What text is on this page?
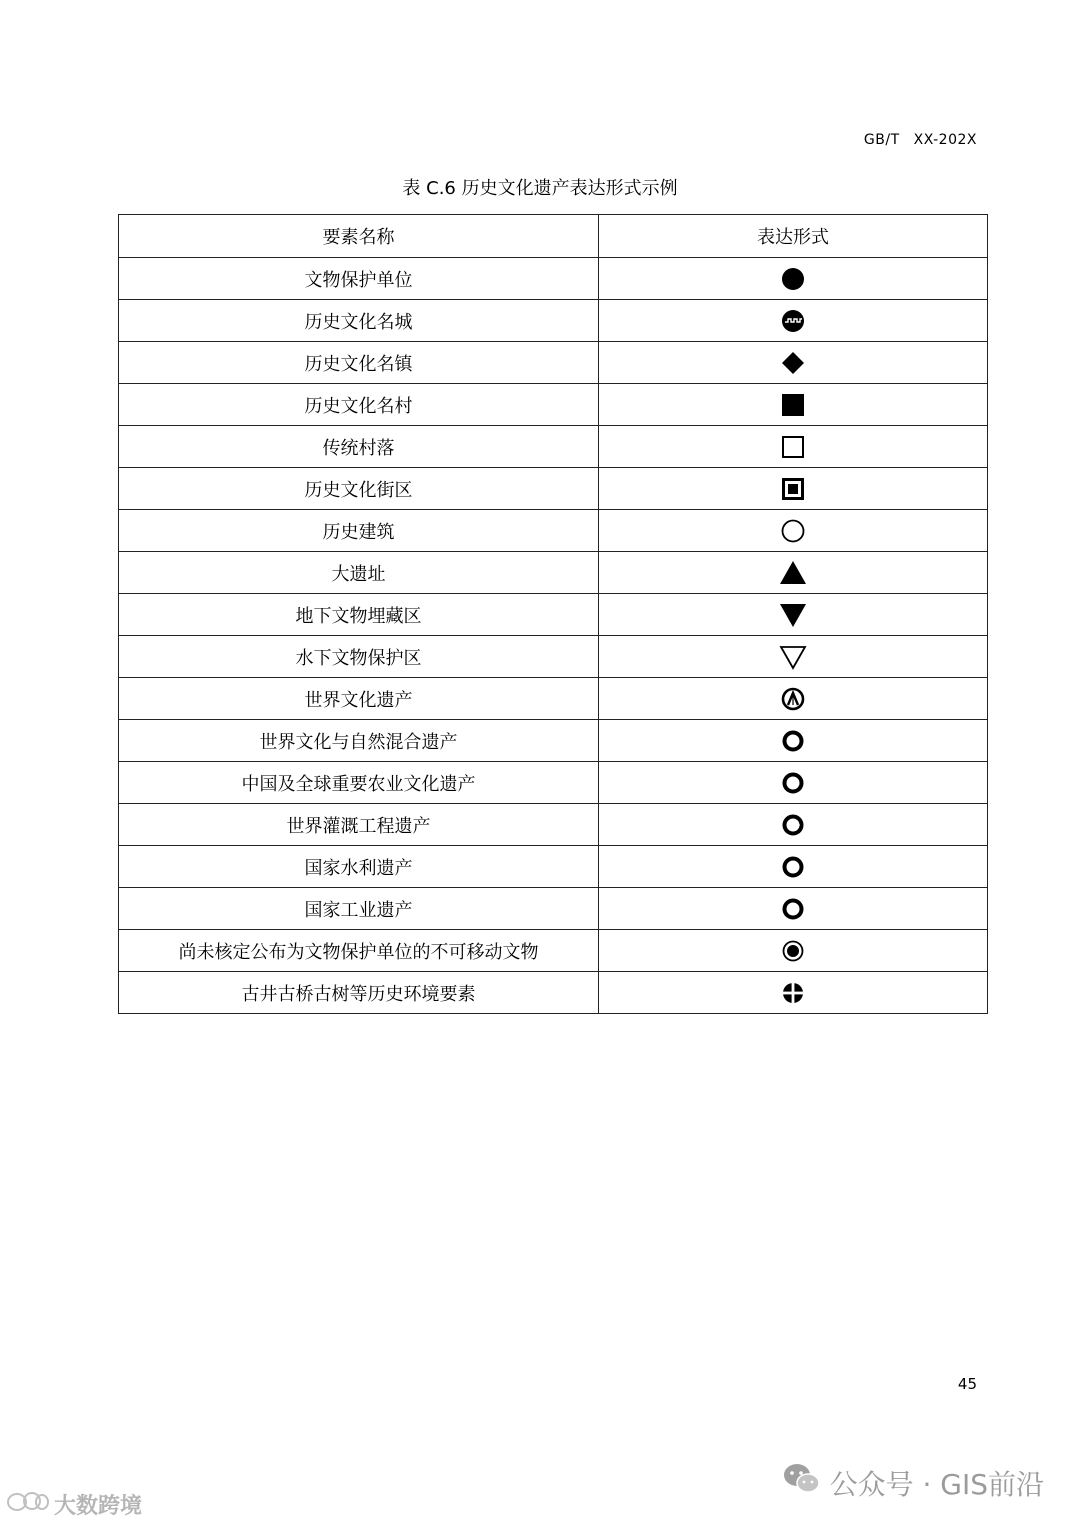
GB/T XX-202X
表 C.6 历史文化遗产表达形式示例
要素名称	表达形式
文物保护单位	

历史文化名城	

历史文化名镇	

历史文化名村	

传统村落	

历史文化街区	

历史建筑	

大遗址	

地下文物埋藏区	

水下文物保护区	

世界文化遗产	

世界文化与自然混合遗产	

中国及全球重要农业文化遗产	

世界灌溉工程遗产	

国家水利遗产	

国家工业遗产	

尚未核定公布为文物保护单位的不可移动文物	

古井古桥古树等历史环境要素	
45
公众号 · GIS前沿
大数跨境
